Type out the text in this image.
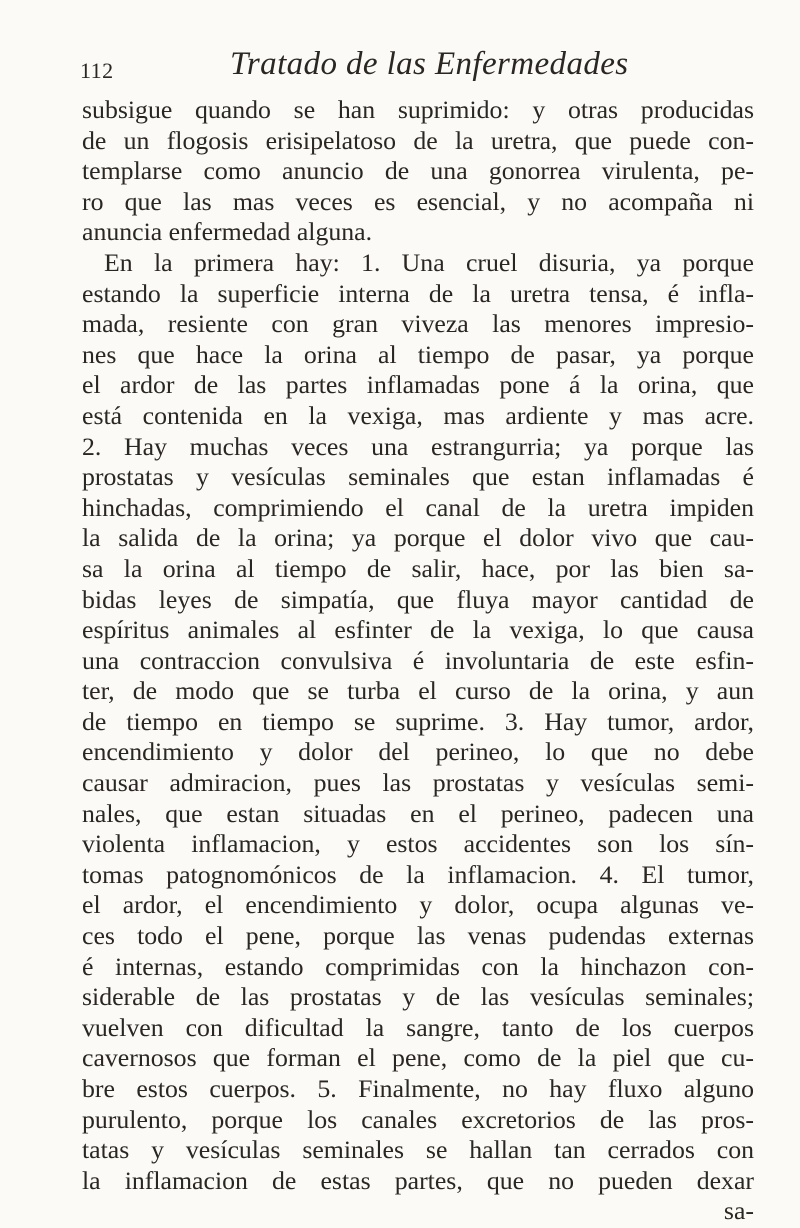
112	Tratado de las Enfermedades
subsigue quando se han suprimido: y otras producidas
de un flogosis erisipelatoso de la uretra, que puede con-
templarse como anuncio de una gonorrea virulenta, pe-
ro que las mas veces es esencial, y no acompaña ni
anuncia enfermedad alguna.
En la primera hay: 1. Una cruel disuria, ya porque
estando la superficie interna de la uretra tensa, é infla-
mada, resiente con gran viveza las menores impresio-
nes que hace la orina al tiempo de pasar, ya porque
el ardor de las partes inflamadas pone á la orina, que
está contenida en la vexiga, mas ardiente y mas acre.
2. Hay muchas veces una estrangurria; ya porque las
prostatas y vesículas seminales que estan inflamadas é
hinchadas, comprimiendo el canal de la uretra impiden
la salida de la orina; ya porque el dolor vivo que cau-
sa la orina al tiempo de salir, hace, por las bien sa-
bidas leyes de simpatía, que fluya mayor cantidad de
espíritus animales al esfinter de la vexiga, lo que causa
una contraccion convulsiva é involuntaria de este esfin-
ter, de modo que se turba el curso de la orina, y aun
de tiempo en tiempo se suprime. 3. Hay tumor, ardor,
encendimiento y dolor del perineo, lo que no debe
causar admiracion, pues las prostatas y vesículas semi-
nales, que estan situadas en el perineo, padecen una
violenta inflamacion, y estos accidentes son los sín-
tomas patognomónicos de la inflamacion. 4. El tumor,
el ardor, el encendimiento y dolor, ocupa algunas ve-
ces todo el pene, porque las venas pudendas externas
é internas, estando comprimidas con la hinchazon con-
siderable de las prostatas y de las vesículas seminales;
vuelven con dificultad la sangre, tanto de los cuerpos
cavernosos que forman el pene, como de la piel que cu-
bre estos cuerpos. 5. Finalmente, no hay fluxo alguno
purulento, porque los canales excretorios de las pros-
tatas y vesículas seminales se hallan tan cerrados con
la inflamacion de estas partes, que no pueden dexar
sa-
